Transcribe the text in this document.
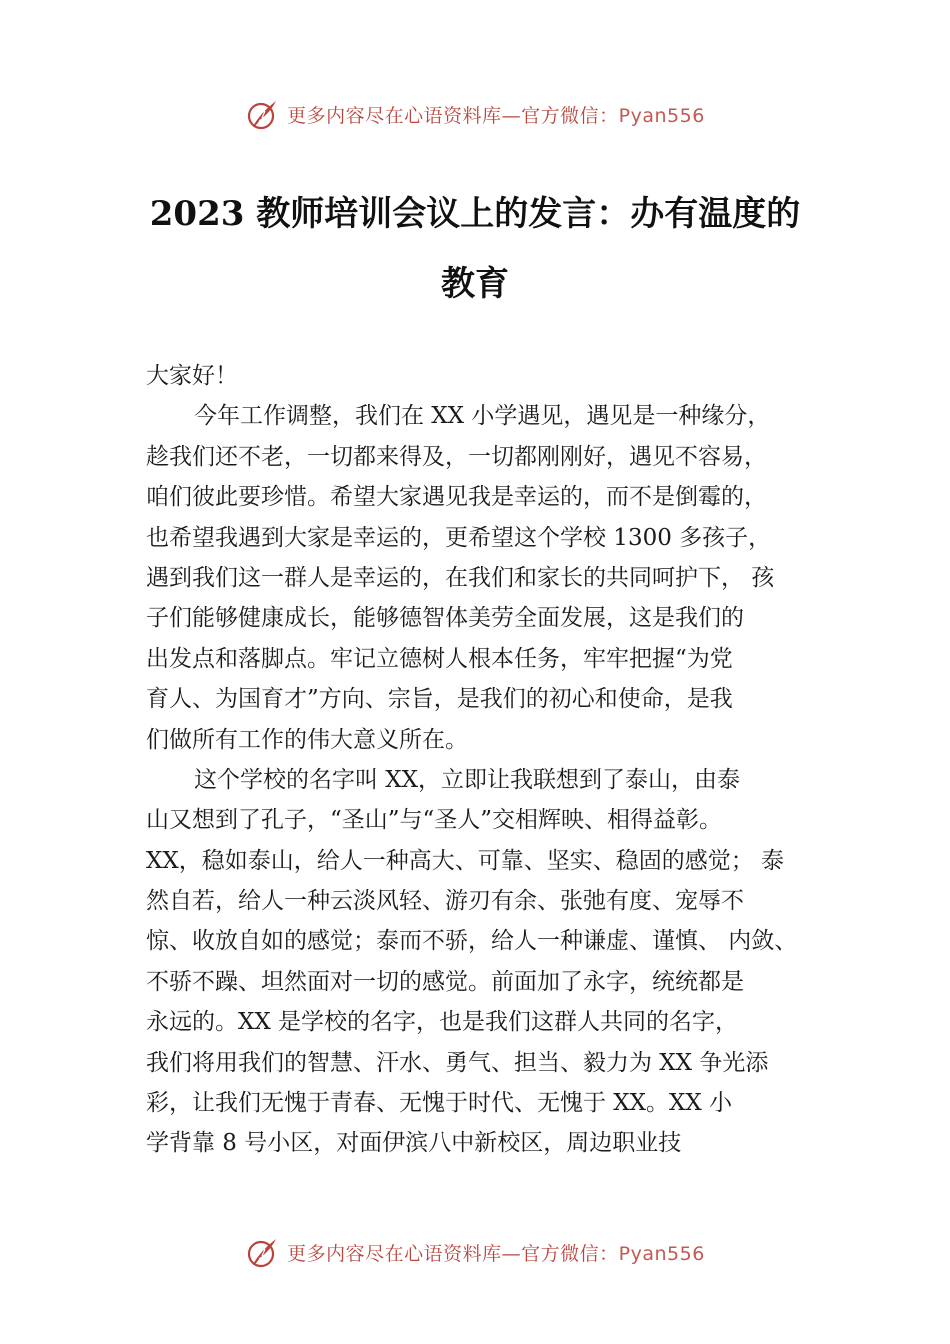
更多内容尽在心语资料库—官方微信：Pyan556
2023 教师培训会议上的发言：办有温度的
教育
大家好！
今年工作调整，我们在 XX 小学遇见，遇见是一种缘分，
趁我们还不老，一切都来得及，一切都刚刚好，遇见不容易，
咱们彼此要珍惜。希望大家遇见我是幸运的，而不是倒霉的，
也希望我遇到大家是幸运的，更希望这个学校 1300 多孩子，
遇到我们这一群人是幸运的，在我们和家长的共同呵护下， 孩
子们能够健康成长，能够德智体美劳全面发展，这是我们的
出发点和落脚点。牢记立德树人根本任务，牢牢把握“为党
育人、为国育才”方向、宗旨，是我们的初心和使命，是我
们做所有工作的伟大意义所在。
这个学校的名字叫 XX，立即让我联想到了泰山，由泰
山又想到了孔子，“圣山”与“圣人”交相辉映、相得益彰。
XX，稳如泰山，给人一种高大、可靠、坚实、稳固的感觉； 泰
然自若，给人一种云淡风轻、游刃有余、张弛有度、宠辱不
惊、收放自如的感觉；泰而不骄，给人一种谦虚、谨慎、 内敛、
不骄不躁、坦然面对一切的感觉。前面加了永字，统统都是
永远的。XX 是学校的名字，也是我们这群人共同的名字，
我们将用我们的智慧、汗水、勇气、担当、毅力为 XX 争光添
彩，让我们无愧于青春、无愧于时代、无愧于 XX。XX 小
学背靠 8 号小区，对面伊滨八中新校区，周边职业技
更多内容尽在心语资料库—官方微信：Pyan556
